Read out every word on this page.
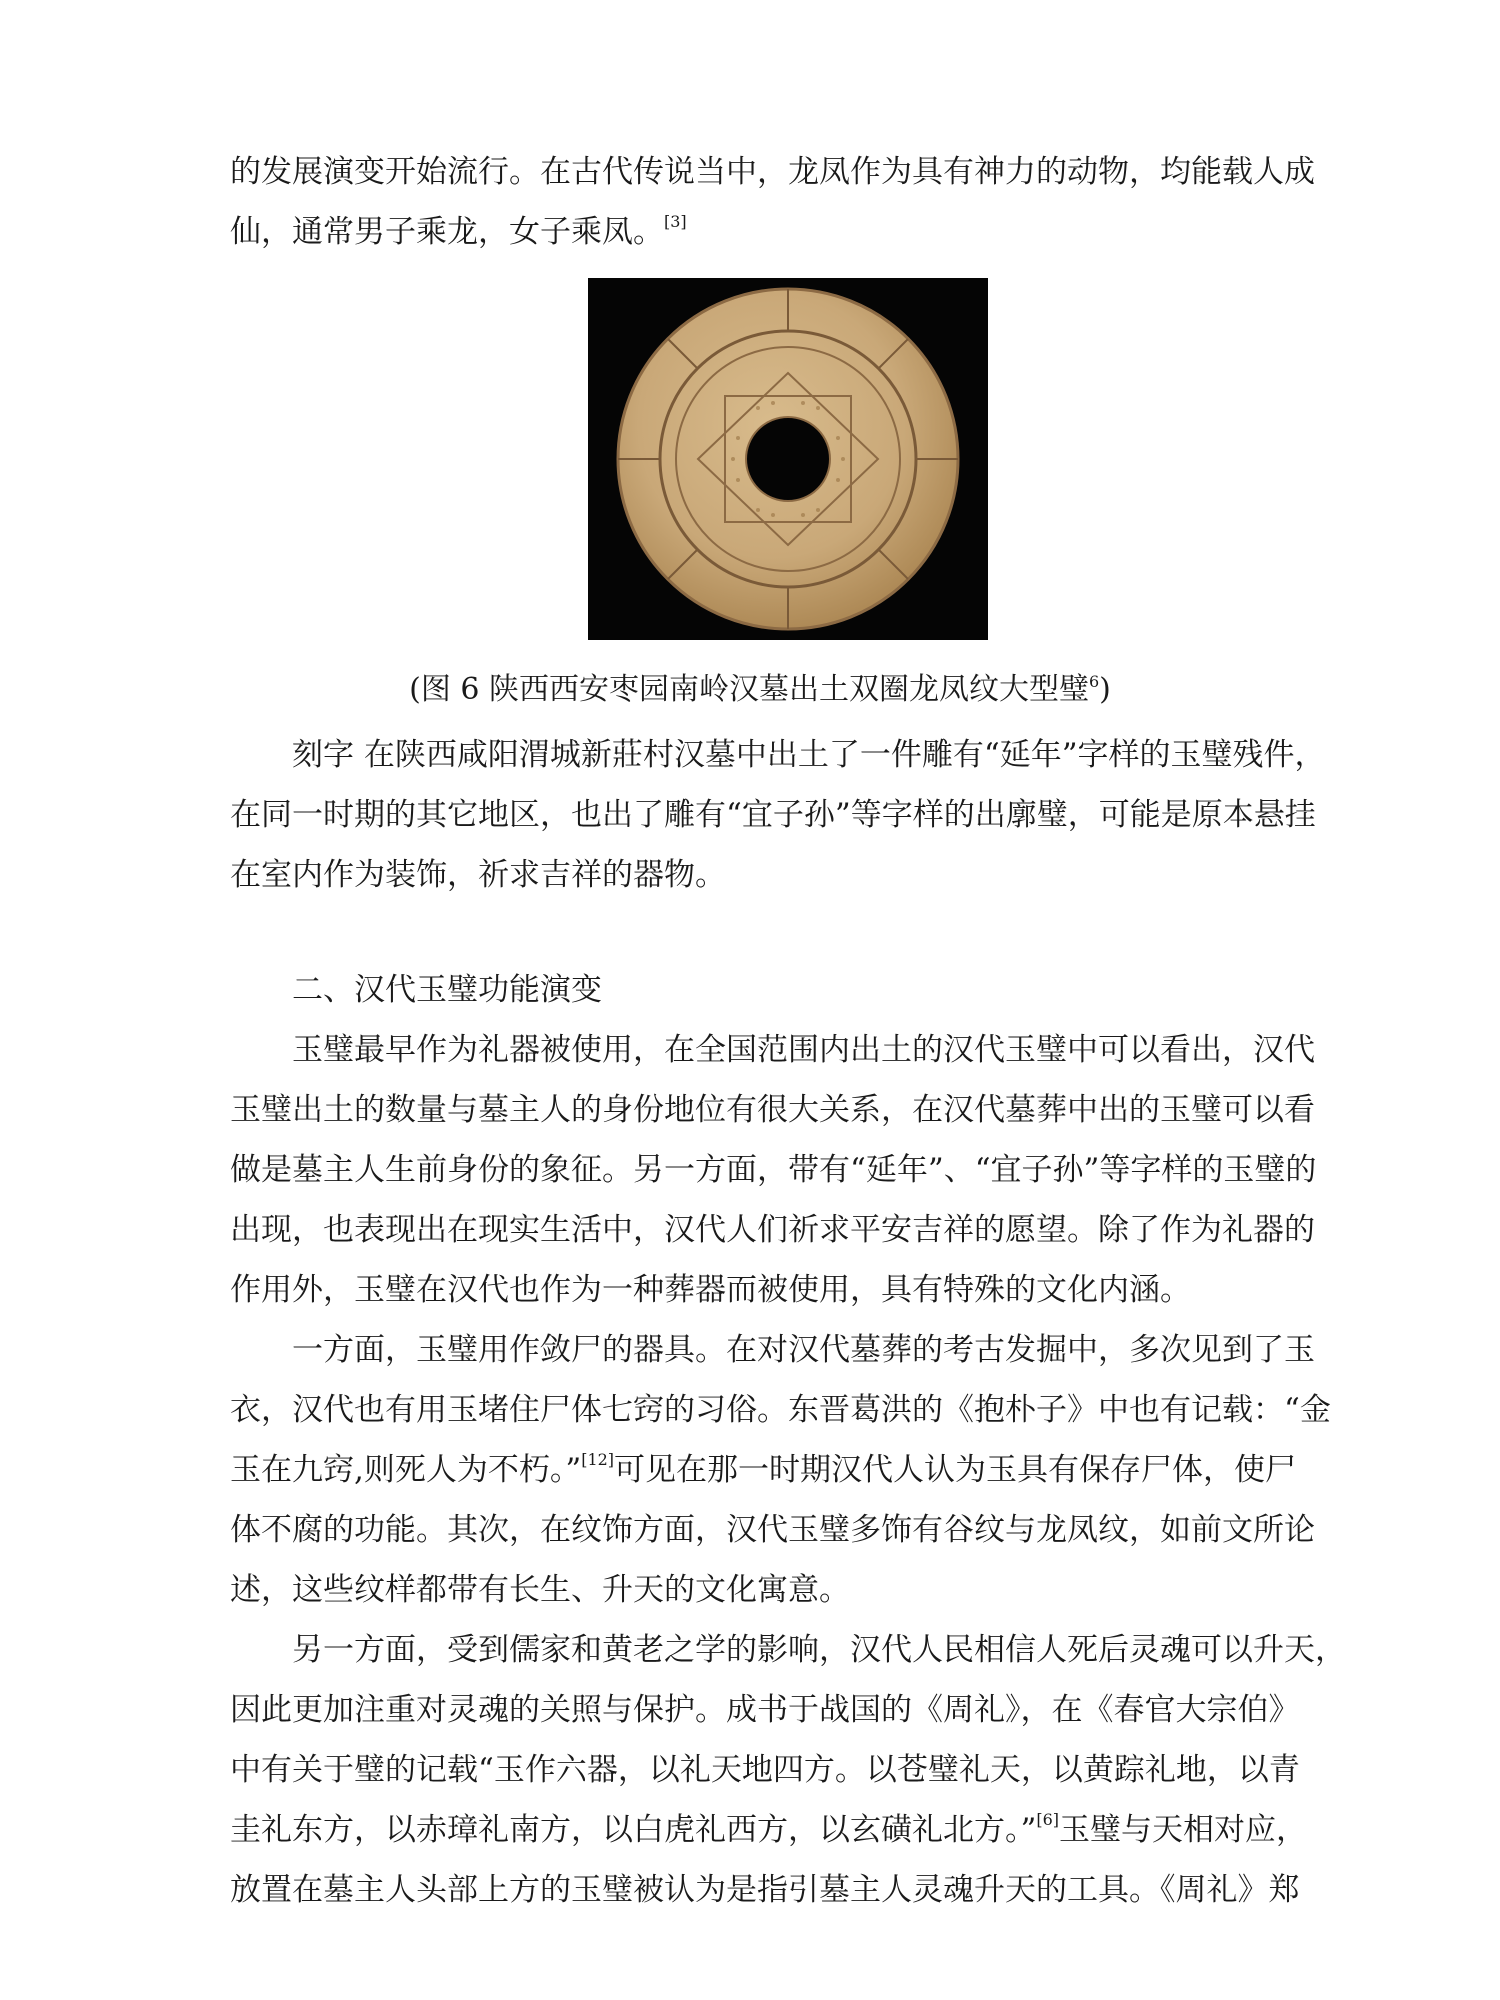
的发展演变开始流行。在古代传说当中，龙凤作为具有神力的动物，均能载人成
仙，通常男子乘龙，女子乘凤。[3]
(图 6 陕西西安枣园南岭汉墓出土双圈龙凤纹大型璧$^6$)
刻字 在陕西咸阳渭城新莊村汉墓中出土了一件雕有“延年”字样的玉璧残件，
在同一时期的其它地区，也出了雕有“宜子孙”等字样的出廓璧，可能是原本悬挂
在室内作为装饰，祈求吉祥的器物。
二、汉代玉璧功能演变
玉璧最早作为礼器被使用，在全国范围内出土的汉代玉璧中可以看出，汉代
玉璧出土的数量与墓主人的身份地位有很大关系，在汉代墓葬中出的玉璧可以看
做是墓主人生前身份的象征。另一方面，带有“延年”、“宜子孙”等字样的玉璧的
出现，也表现出在现实生活中，汉代人们祈求平安吉祥的愿望。除了作为礼器的
作用外，玉璧在汉代也作为一种葬器而被使用，具有特殊的文化内涵。
一方面，玉璧用作敛尸的器具。在对汉代墓葬的考古发掘中，多次见到了玉
衣，汉代也有用玉堵住尸体七窍的习俗。东晋葛洪的《抱朴子》中也有记载：“金
玉在九窍,则死人为不朽。”[12]可见在那一时期汉代人认为玉具有保存尸体，使尸
体不腐的功能。其次，在纹饰方面，汉代玉璧多饰有谷纹与龙凤纹，如前文所论
述，这些纹样都带有长生、升天的文化寓意。
另一方面，受到儒家和黄老之学的影响，汉代人民相信人死后灵魂可以升天，
因此更加注重对灵魂的关照与保护。成书于战国的《周礼》，在《春官大宗伯》
中有关于璧的记载“玉作六器，以礼天地四方。以苍璧礼天，以黄踪礼地，以青
圭礼东方，以赤璋礼南方，以白虎礼西方，以玄磺礼北方。”[6]玉璧与天相对应，
放置在墓主人头部上方的玉璧被认为是指引墓主人灵魂升天的工具。《周礼》郑
